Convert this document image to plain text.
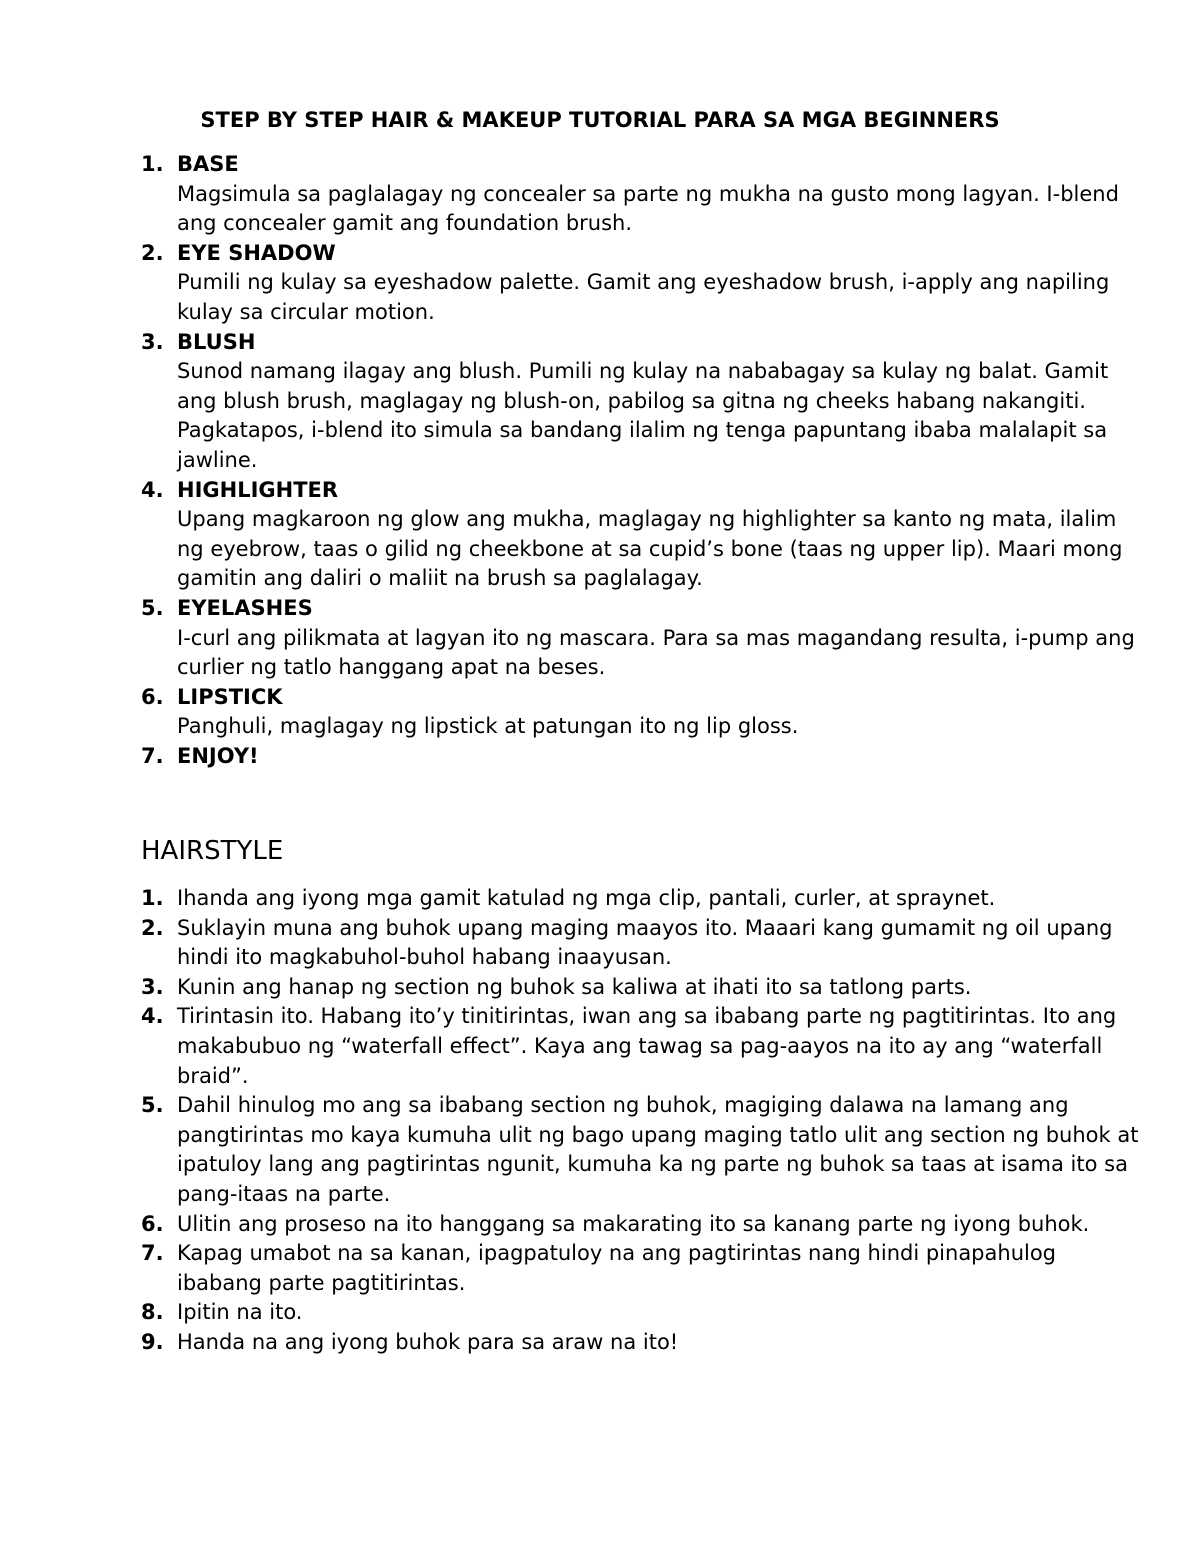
STEP BY STEP HAIR & MAKEUP TUTORIAL PARA SA MGA BEGINNERS
1. BASE
Magsimula sa paglalagay ng concealer sa parte ng mukha na gusto mong lagyan. I-blend ang concealer gamit ang foundation brush.
2. EYE SHADOW
Pumili ng kulay sa eyeshadow palette. Gamit ang eyeshadow brush, i-apply ang napiling kulay sa circular motion.
3. BLUSH
Sunod namang ilagay ang blush. Pumili ng kulay na nababagay sa kulay ng balat. Gamit ang blush brush, maglagay ng blush-on, pabilog sa gitna ng cheeks habang nakangiti. Pagkatapos, i-blend ito simula sa bandang ilalim ng tenga papuntang ibaba malalapit sa jawline.
4. HIGHLIGHTER
Upang magkaroon ng glow ang mukha, maglagay ng highlighter sa kanto ng mata, ilalim ng eyebrow, taas o gilid ng cheekbone at sa cupid’s bone (taas ng upper lip). Maari mong gamitin ang daliri o maliit na brush sa paglalagay.
5. EYELASHES
I-curl ang pilikmata at lagyan ito ng mascara. Para sa mas magandang resulta, i-pump ang curlier ng tatlo hanggang apat na beses.
6. LIPSTICK
Panghuli, maglagay ng lipstick at patungan ito ng lip gloss.
7. ENJOY!
HAIRSTYLE
1. Ihanda ang iyong mga gamit katulad ng mga clip, pantali, curler, at spraynet.
2. Suklayin muna ang buhok upang maging maayos ito. Maaari kang gumamit ng oil upang hindi ito magkabuhol-buhol habang inaayusan.
3. Kunin ang hanap ng section ng buhok sa kaliwa at ihati ito sa tatlong parts.
4. Tirintasin ito. Habang ito’y tinitirintas, iwan ang sa ibabang parte ng pagtitirintas. Ito ang makabubuo ng “waterfall effect”. Kaya ang tawag sa pag-aayos na ito ay ang “waterfall braid”.
5. Dahil hinulog mo ang sa ibabang section ng buhok, magiging dalawa na lamang ang pangtirintas mo kaya kumuha ulit ng bago upang maging tatlo ulit ang section ng buhok at ipatuloy lang ang pagtirintas ngunit, kumuha ka ng parte ng buhok sa taas at isama ito sa pang-itaas na parte.
6. Ulitin ang proseso na ito hanggang sa makarating ito sa kanang parte ng iyong buhok.
7. Kapag umabot na sa kanan, ipagpatuloy na ang pagtirintas nang hindi pinapahulog ibabang parte pagtitirintas.
8. Ipitin na ito.
9. Handa na ang iyong buhok para sa araw na ito!
